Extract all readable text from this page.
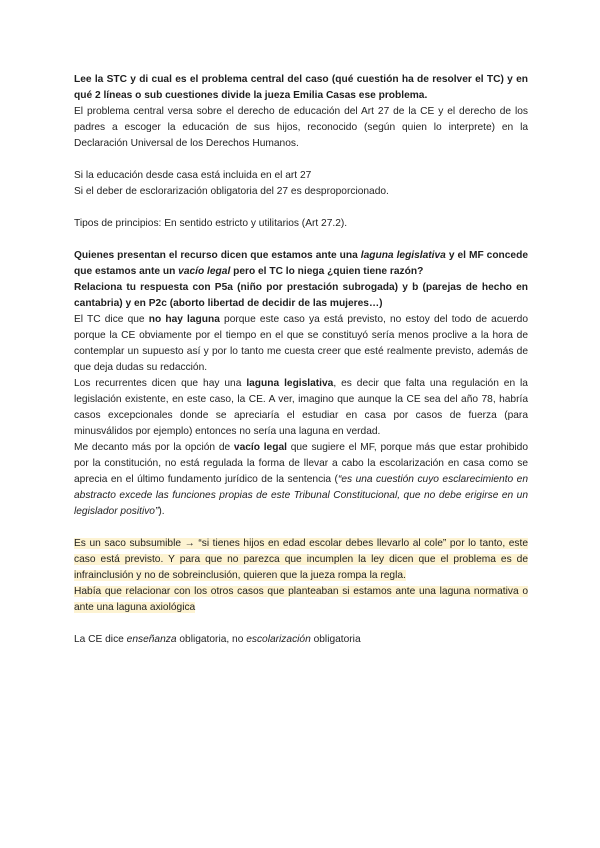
Lee la STC y di cual es el problema central del caso (qué cuestión ha de resolver el TC) y en qué 2 líneas o sub cuestiones divide la jueza Emilia Casas ese problema.

El problema central versa sobre el derecho de educación del Art 27 de la CE y el derecho de los padres a escoger la educación de sus hijos, reconocido (según quien lo interprete) en la Declaración Universal de los Derechos Humanos.

Si la educación desde casa está incluida en el art 27

Si el deber de esclorarización obligatoria del 27 es desproporcionado.

Tipos de principios: En sentido estricto y utilitarios (Art 27.2).

Quienes presentan el recurso dicen que estamos ante una laguna legislativa y el MF concede que estamos ante un vacío legal pero el TC lo niega ¿quien tiene razón?

Relaciona tu respuesta con P5a (niño por prestación subrogada) y b (parejas de hecho en cantabria) y en P2c (aborto libertad de decidir de las mujeres…)

El TC dice que no hay laguna porque este caso ya está previsto, no estoy del todo de acuerdo porque la CE obviamente por el tiempo en el que se constituyó sería menos proclive a la hora de contemplar un supuesto así y por lo tanto me cuesta creer que esté realmente previsto, además de que deja dudas su redacción.

Los recurrentes dicen que hay una laguna legislativa, es decir que falta una regulación en la legislación existente, en este caso, la CE. A ver, imagino que aunque la CE sea del año 78, habría casos excepcionales donde se apreciaría el estudiar en casa por casos de fuerza (para minusválidos por ejemplo) entonces no sería una laguna en verdad.

Me decanto más por la opción de vacío legal que sugiere el MF, porque más que estar prohibido por la constitución, no está regulada la forma de llevar a cabo la escolarización en casa como se aprecia en el último fundamento jurídico de la sentencia (“es una cuestión cuyo esclarecimiento en abstracto excede las funciones propias de este Tribunal Constitucional, que no debe erigirse en un legislador positivo”).

Es un saco subsumible → “si tienes hijos en edad escolar debes llevarlo al cole” por lo tanto, este caso está previsto. Y para que no parezca que incumplen la ley dicen que el problema es de infrainclusión y no de sobreinclusión, quieren que la jueza rompa la regla.

Había que relacionar con los otros casos que planteaban si estamos ante una laguna normativa o ante una laguna axiológica

La CE dice enseñanza obligatoria, no escolarización obligatoria
